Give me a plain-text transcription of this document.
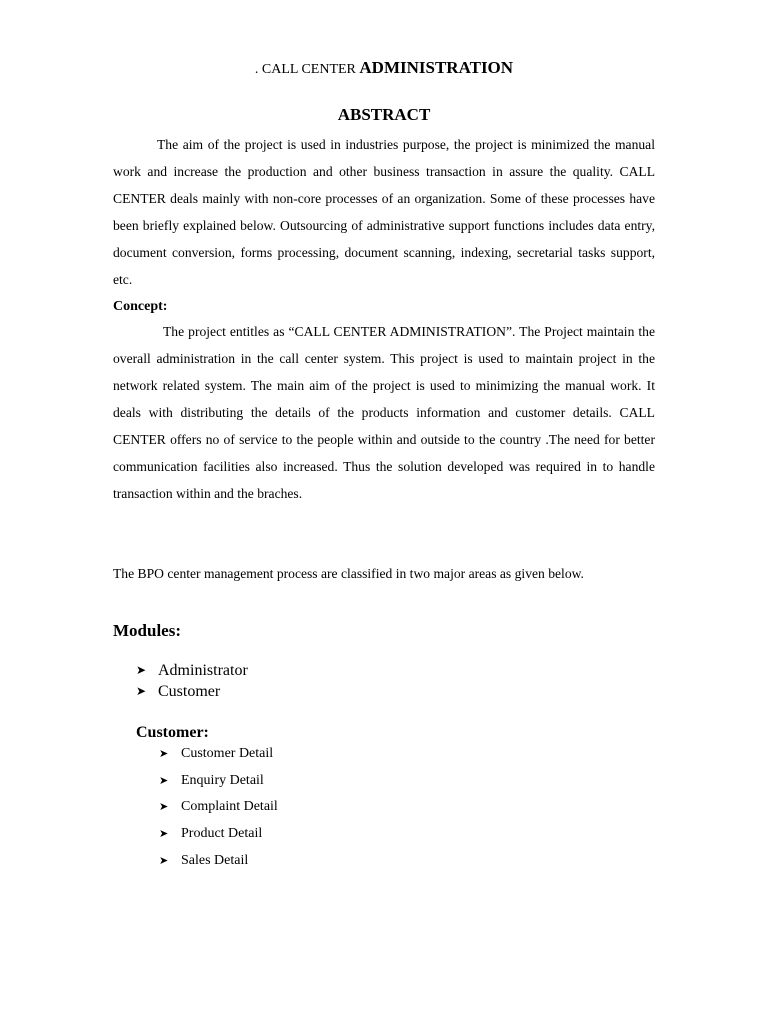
. CALL CENTER ADMINISTRATION
ABSTRACT

The aim of the project is used in industries purpose, the project is minimized the manual work and increase the production and other business transaction in assure the quality. CALL CENTER deals mainly with non-core processes of an organization. Some of these processes have been briefly explained below. Outsourcing of administrative support functions includes data entry, document conversion, forms processing, document scanning, indexing, secretarial tasks support, etc.

Concept:

The project entitles as “CALL CENTER ADMINISTRATION”. The Project maintain the overall administration in the call center system. This project is used to maintain project in the network related system. The main aim of the project is used to minimizing the manual work. It deals with distributing the details of the products information and customer details. CALL CENTER offers no of service to the people within and outside to the country .The need for better communication facilities also increased. Thus the solution developed was required in to handle transaction within and the braches.

The BPO center management process are classified in two major areas as given below.
Modules:
➤ Administrator
➤ Customer
Customer:
➤ Customer Detail
➤ Enquiry Detail
➤ Complaint Detail
➤ Product Detail
➤ Sales Detail
